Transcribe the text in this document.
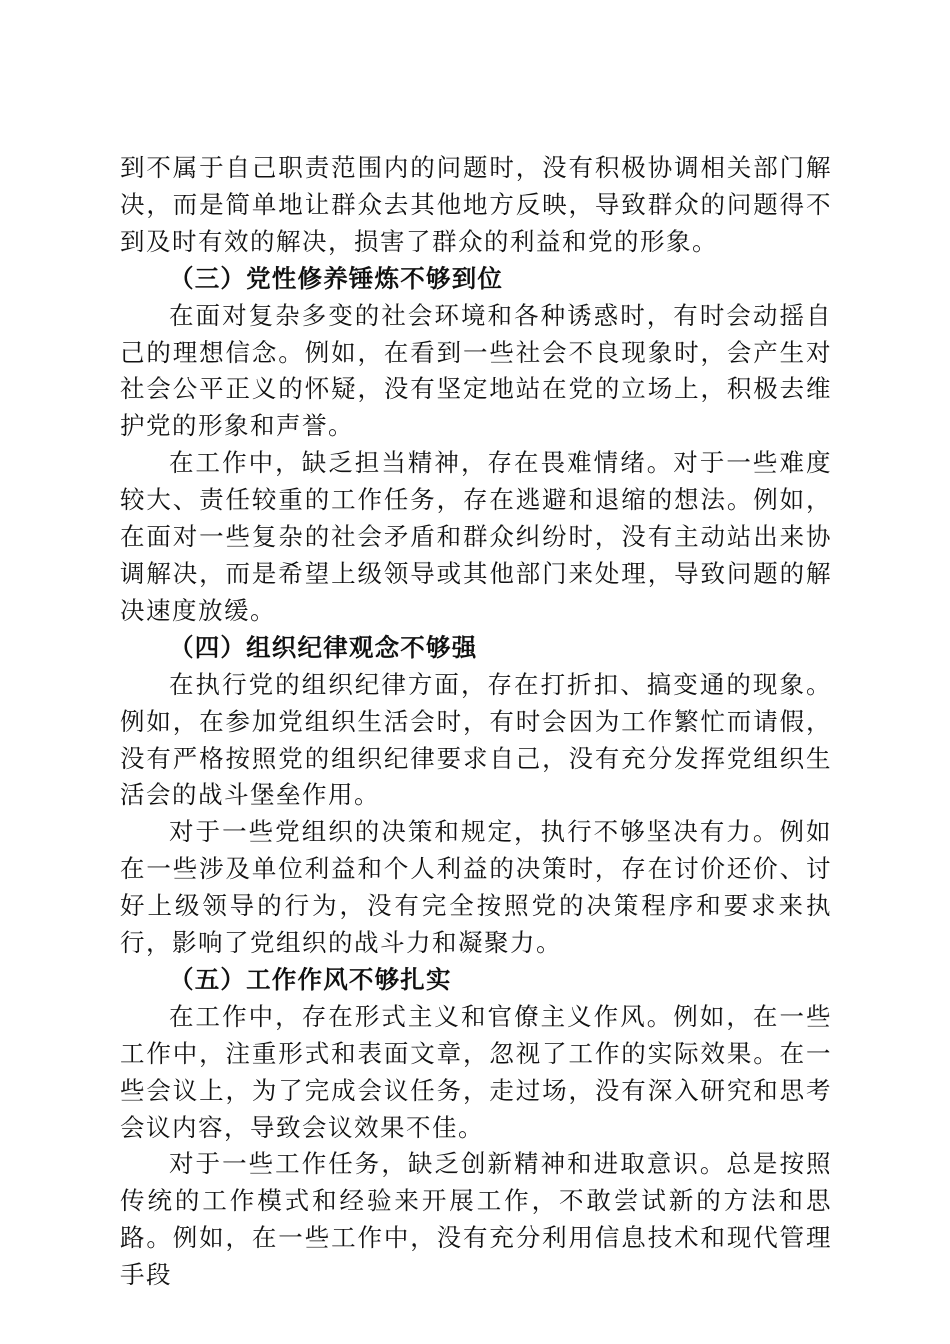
到不属于自己职责范围内的问题时，没有积极协调相关部门解决，而是简单地让群众去其他地方反映，导致群众的问题得不到及时有效的解决，损害了群众的利益和党的形象。

（三）党性修养锤炼不够到位

在面对复杂多变的社会环境和各种诱惑时，有时会动摇自己的理想信念。例如，在看到一些社会不良现象时，会产生对社会公平正义的怀疑，没有坚定地站在党的立场上，积极去维护党的形象和声誉。

在工作中，缺乏担当精神，存在畏难情绪。对于一些难度较大、责任较重的工作任务，存在逃避和退缩的想法。例如，在面对一些复杂的社会矛盾和群众纠纷时，没有主动站出来协调解决，而是希望上级领导或其他部门来处理，导致问题的解决速度放缓。

（四）组织纪律观念不够强

在执行党的组织纪律方面，存在打折扣、搞变通的现象。例如，在参加党组织生活会时，有时会因为工作繁忙而请假，没有严格按照党的组织纪律要求自己，没有充分发挥党组织生活会的战斗堡垒作用。

对于一些党组织的决策和规定，执行不够坚决有力。例如在一些涉及单位利益和个人利益的决策时，存在讨价还价、讨好上级领导的行为，没有完全按照党的决策程序和要求来执行，影响了党组织的战斗力和凝聚力。

（五）工作作风不够扎实

在工作中，存在形式主义和官僚主义作风。例如，在一些工作中，注重形式和表面文章，忽视了工作的实际效果。在一些会议上，为了完成会议任务，走过场，没有深入研究和思考会议内容，导致会议效果不佳。

对于一些工作任务，缺乏创新精神和进取意识。总是按照传统的工作模式和经验来开展工作，不敢尝试新的方法和思路。例如，在一些工作中，没有充分利用信息技术和现代管理手段
